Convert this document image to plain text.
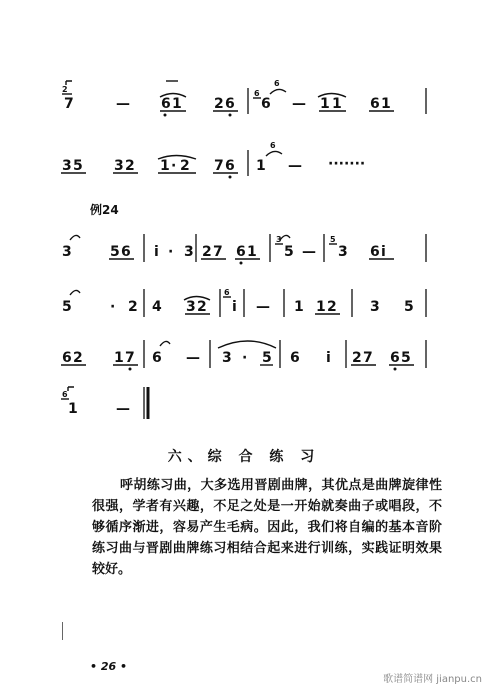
2
7	— 6 1 2 6
6
6
6
— 1 1 6 1
3 5 3 2 1 · 2 7 6 1
6
— ·······
例24
3	5 6 i · 3 2 7 6 1
3
5 —
5
3 6 i
5	· 2 4 3 2
6
i — 1 1 2 3 5
6 2 1 7 6 — 3 · 5 6 i 2 7 6 5
6
1	—
六、综 合 练 习
呼胡练习曲，大多选用晋剧曲牌，其优点是曲牌旋律性很强，学者有兴趣，不足之处是一开始就奏曲子或唱段，不够循序渐进，容易产生毛病。因此，我们将自编的基本音阶练习曲与晋剧曲牌练习相结合起来进行训练，实践证明效果较好。
• 26 •
歌谱简谱网 jianpu.cn
